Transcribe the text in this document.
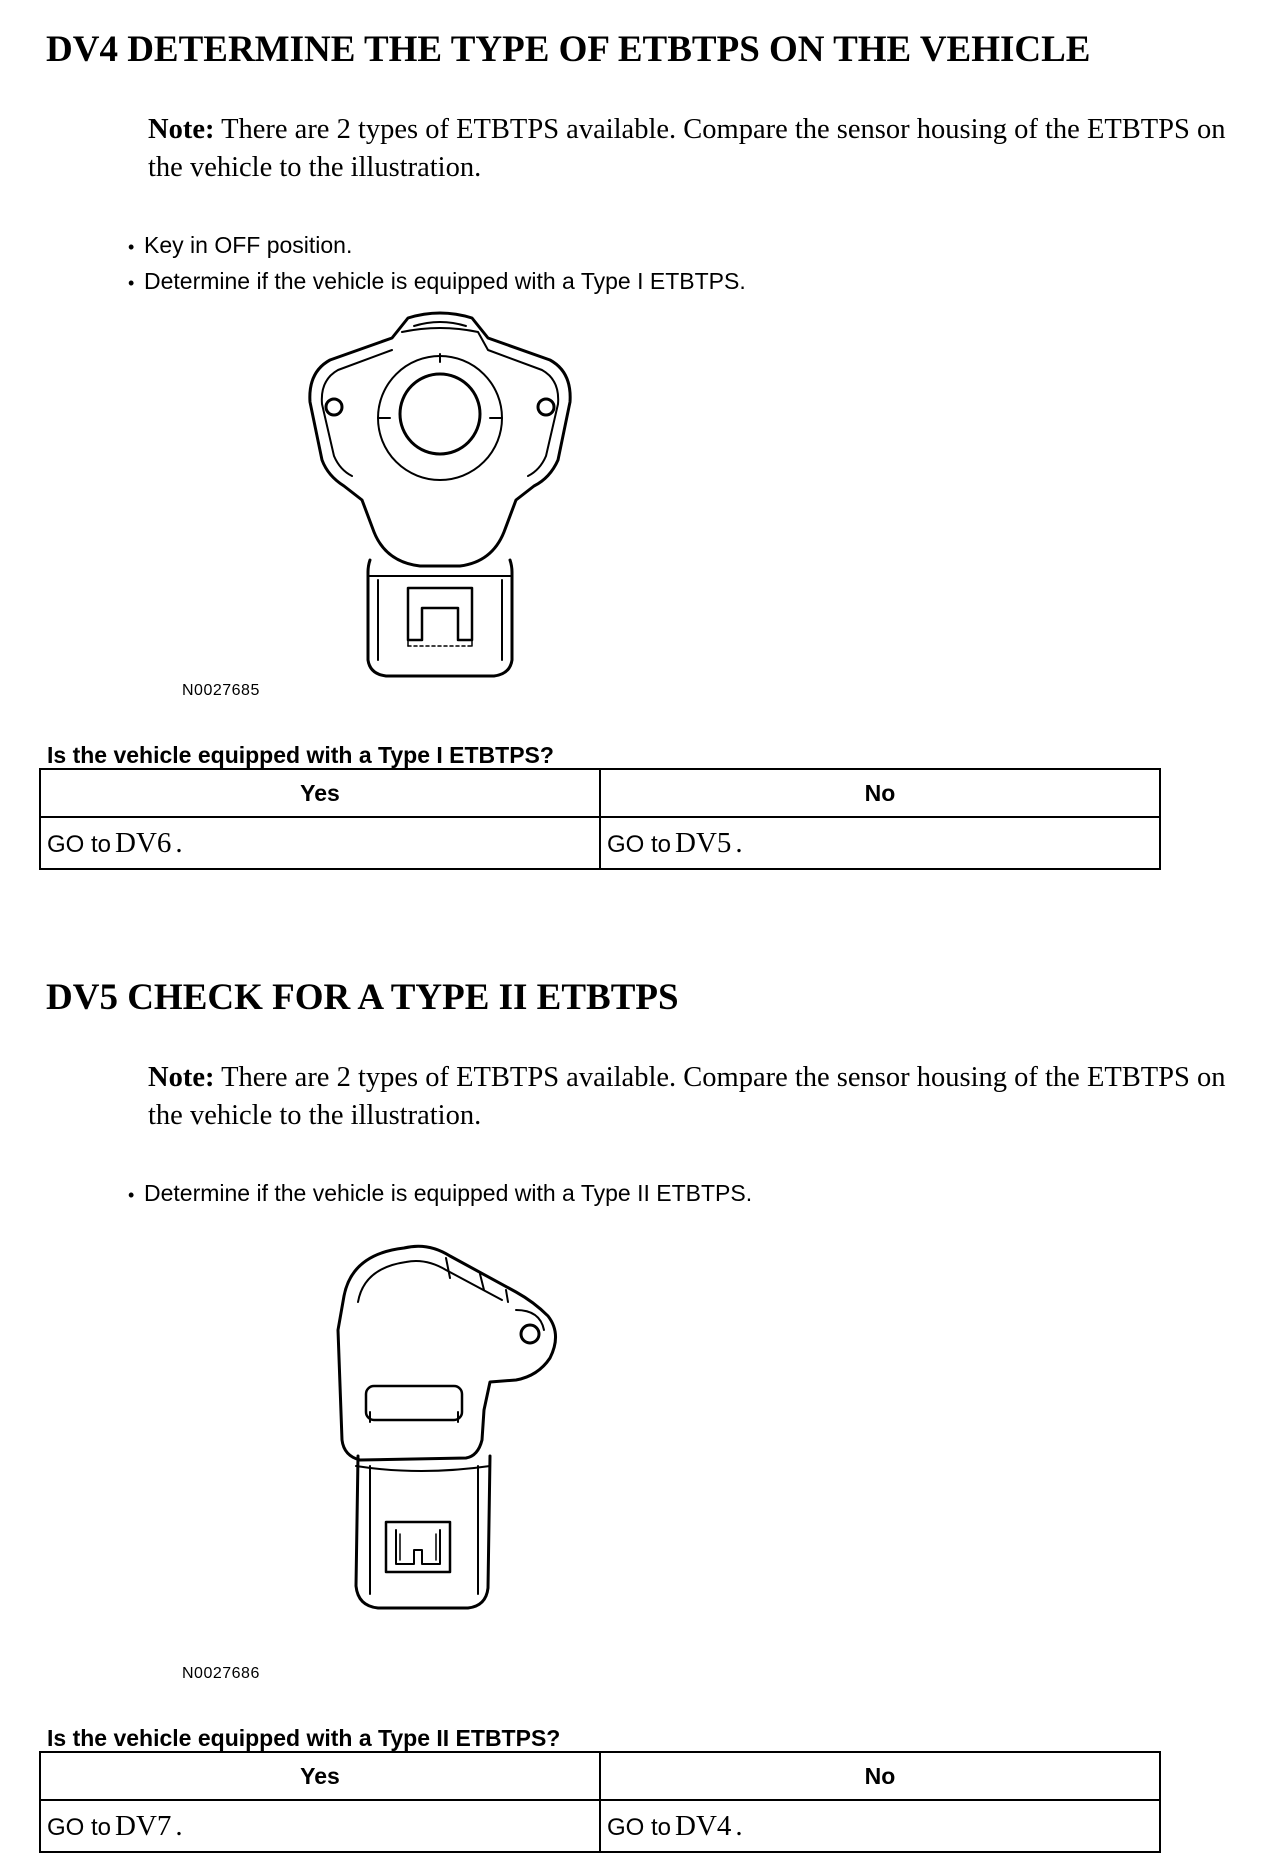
DV4 DETERMINE THE TYPE OF ETBTPS ON THE VEHICLE
Note: There are 2 types of ETBTPS available. Compare the sensor housing of the ETBTPS on the vehicle to the illustration.
• Key in OFF position.
• Determine if the vehicle is equipped with a Type I ETBTPS.
N0027685
Is the vehicle equipped with a Type I ETBTPS?
Yes	No
GO to DV6 .	GO to DV5 .
DV5 CHECK FOR A TYPE II ETBTPS
Note: There are 2 types of ETBTPS available. Compare the sensor housing of the ETBTPS on the vehicle to the illustration.
• Determine if the vehicle is equipped with a Type II ETBTPS.
N0027686
Is the vehicle equipped with a Type II ETBTPS?
Yes	No
GO to DV7 .	GO to DV4 .
